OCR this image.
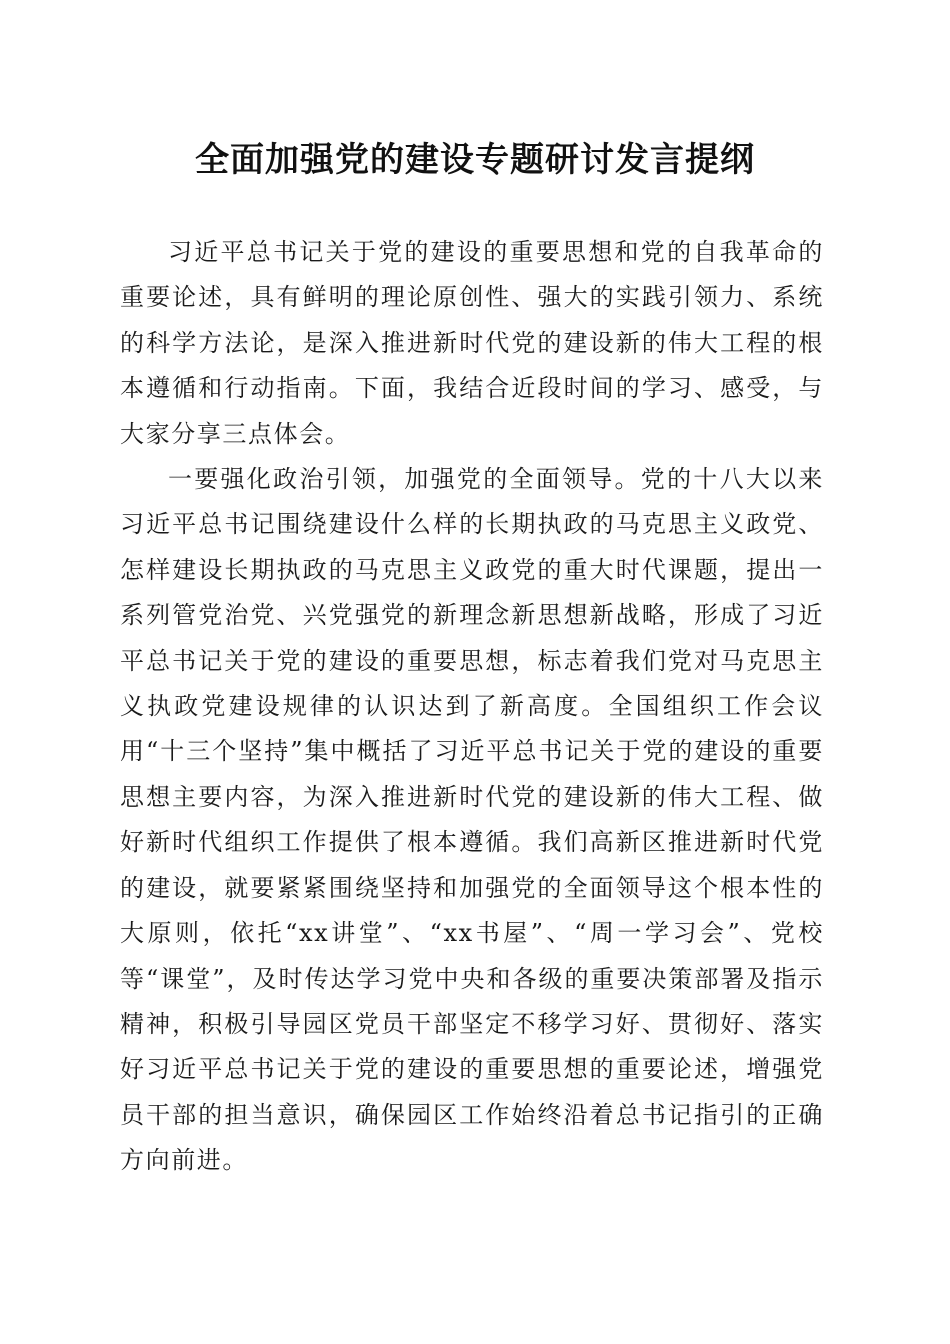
全面加强党的建设专题研讨发言提纲

习近平总书记关于党的建设的重要思想和党的自我革命的重要论述，具有鲜明的理论原创性、强大的实践引领力、系统的科学方法论，是深入推进新时代党的建设新的伟大工程的根本遵循和行动指南。下面，我结合近段时间的学习、感受，与大家分享三点体会。

一要强化政治引领，加强党的全面领导。党的十八大以来习近平总书记围绕建设什么样的长期执政的马克思主义政党、怎样建设长期执政的马克思主义政党的重大时代课题，提出一系列管党治党、兴党强党的新理念新思想新战略，形成了习近平总书记关于党的建设的重要思想，标志着我们党对马克思主义执政党建设规律的认识达到了新高度。全国组织工作会议用“十三个坚持”集中概括了习近平总书记关于党的建设的重要思想主要内容，为深入推进新时代党的建设新的伟大工程、做好新时代组织工作提供了根本遵循。我们高新区推进新时代党的建设，就要紧紧围绕坚持和加强党的全面领导这个根本性的大原则，依托“xx讲堂”、“xx书屋”、“周一学习会”、党校等“课堂”，及时传达学习党中央和各级的重要决策部署及指示精神，积极引导园区党员干部坚定不移学习好、贯彻好、落实好习近平总书记关于党的建设的重要思想的重要论述，增强党员干部的担当意识，确保园区工作始终沿着总书记指引的正确方向前进。
